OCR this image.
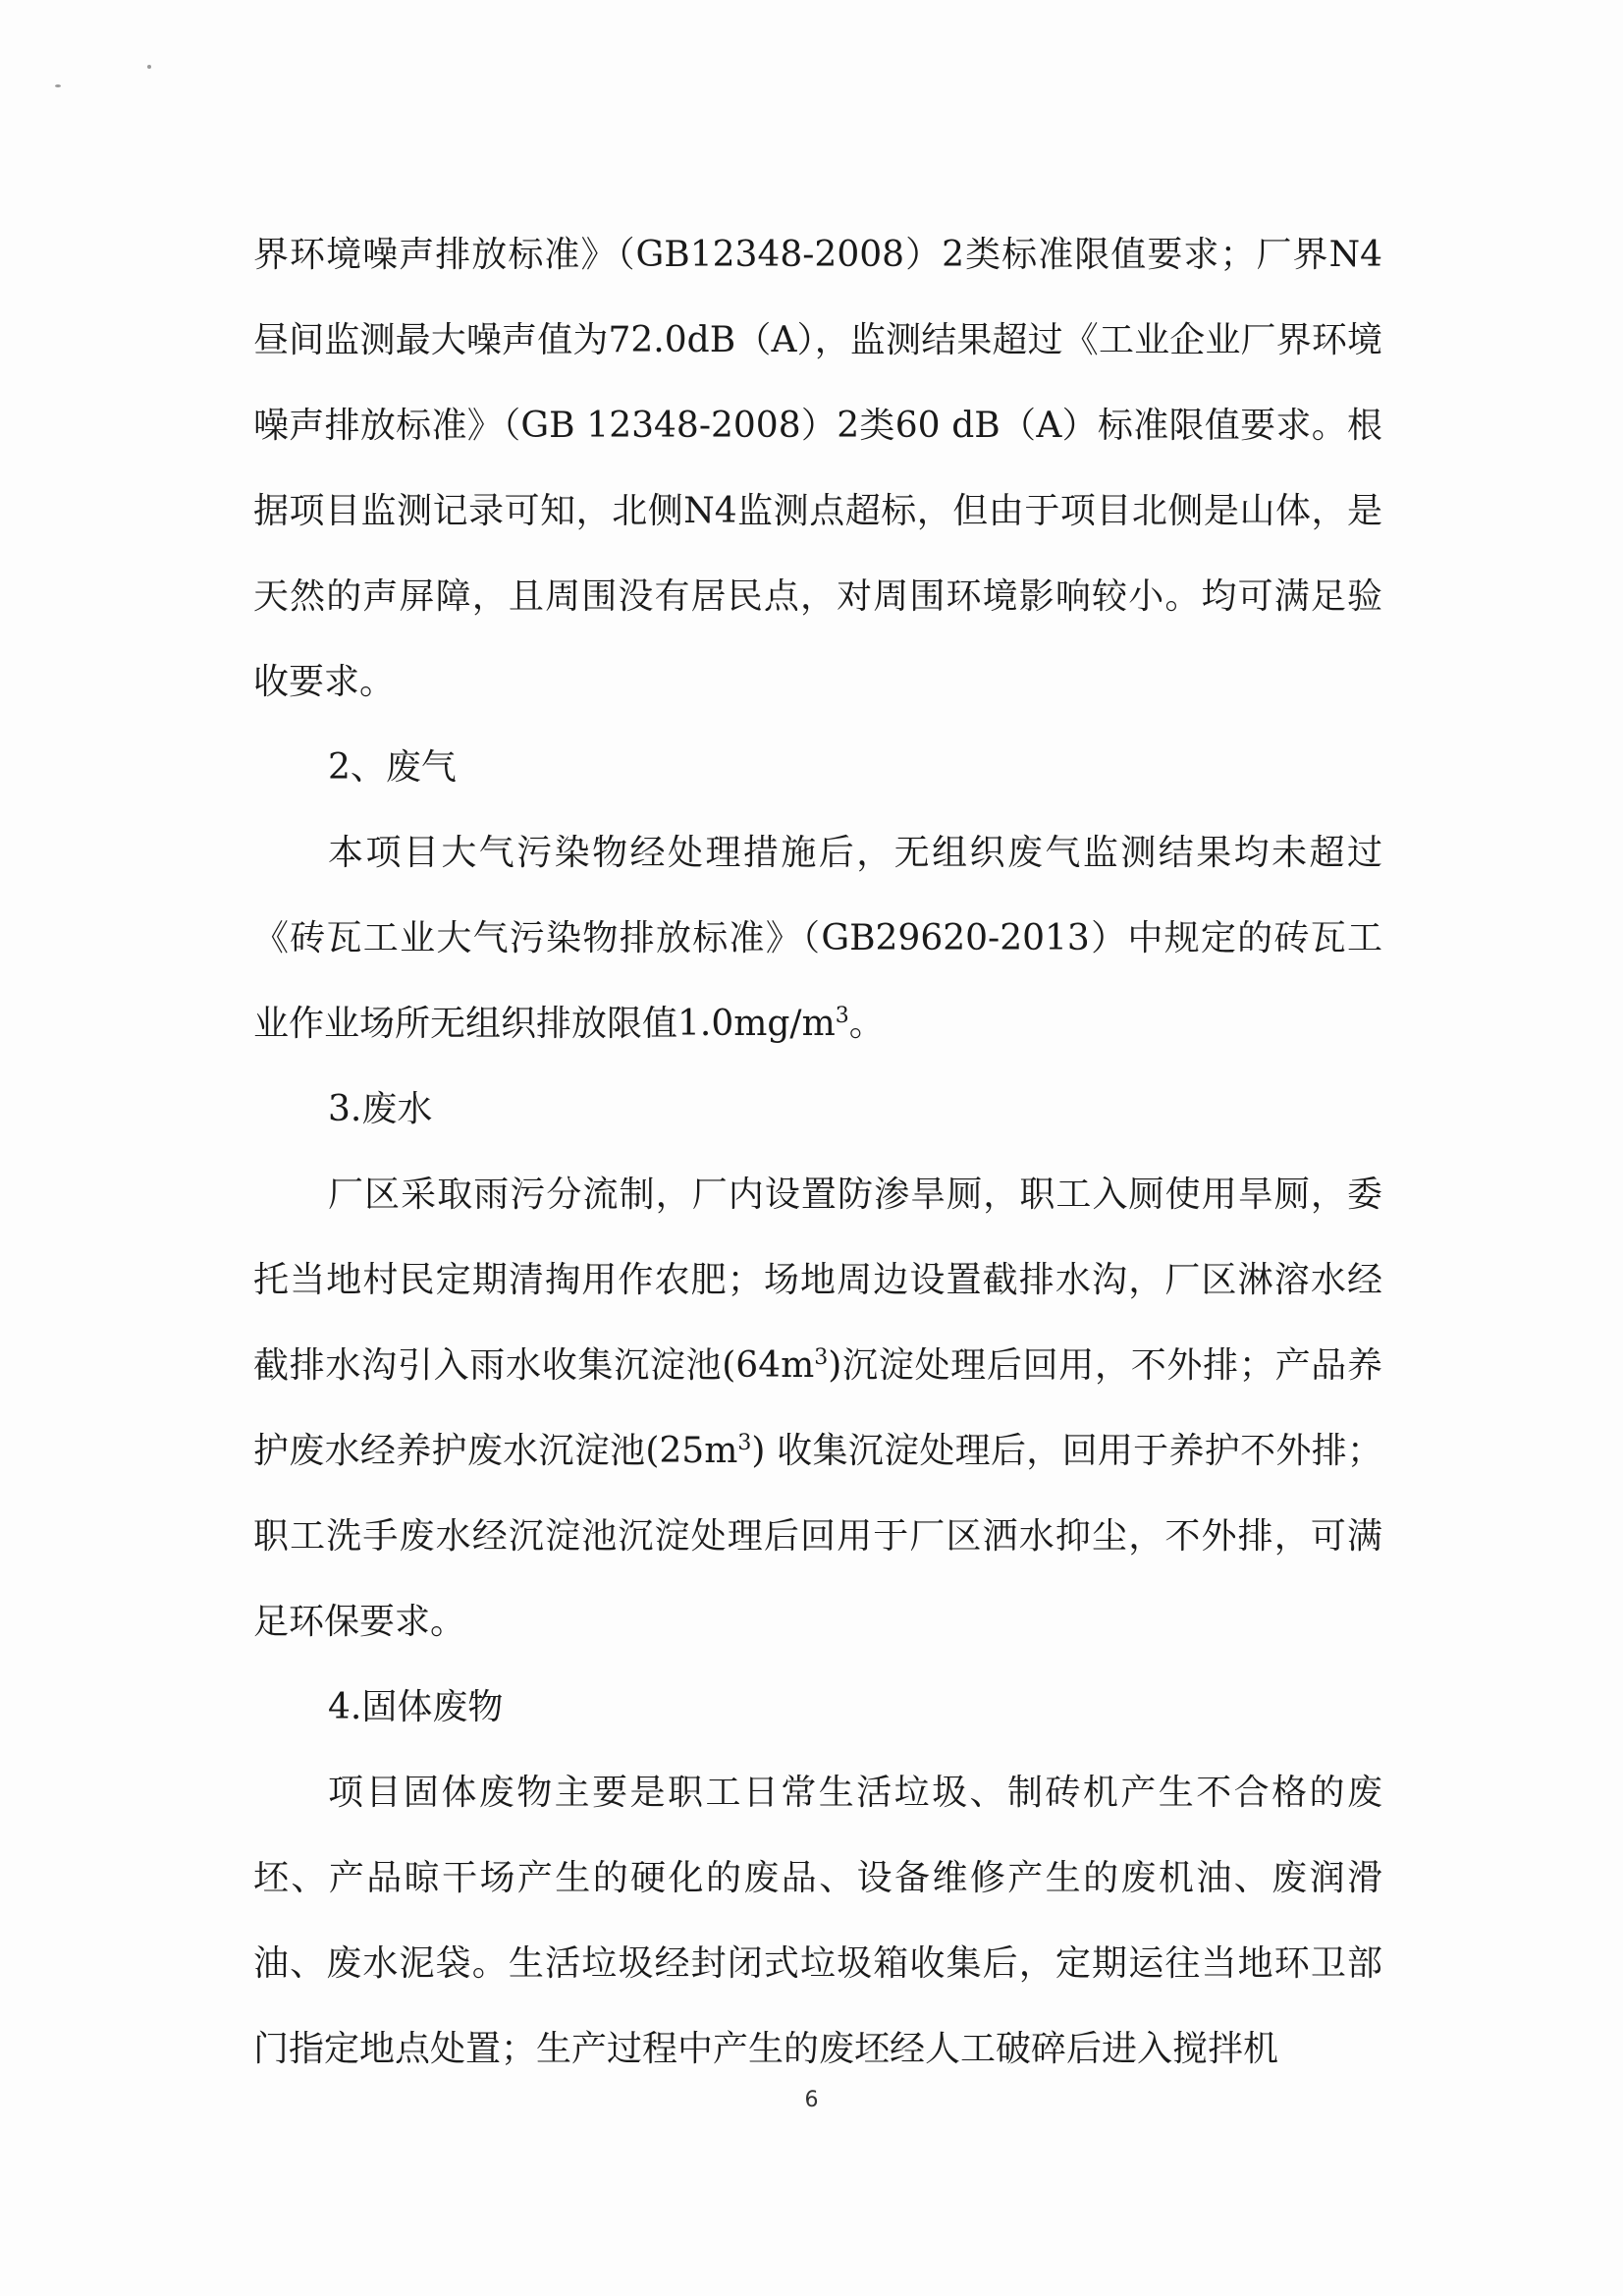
界环境噪声排放标准》（GB12348-2008）2类标准限值要求；厂界N4昼间监测最大噪声值为72.0dB（A），监测结果超过《工业企业厂界环境噪声排放标准》（GB 12348-2008）2类60 dB（A）标准限值要求。根据项目监测记录可知，北侧N4监测点超标，但由于项目北侧是山体，是天然的声屏障，且周围没有居民点，对周围环境影响较小。均可满足验收要求。

2、废气

本项目大气污染物经处理措施后，无组织废气监测结果均未超过《砖瓦工业大气污染物排放标准》（GB29620-2013）中规定的砖瓦工业作业场所无组织排放限值$1.0mg/m^3$。

3.废水

厂区采取雨污分流制，厂内设置防渗旱厕，职工入厕使用旱厕，委托当地村民定期清掏用作农肥；场地周边设置截排水沟，厂区淋溶水经截排水沟引入雨水收集沉淀池$(64m^3)$沉淀处理后回用，不外排；产品养护废水经养护废水沉淀池$(25m^3)$ 收集沉淀处理后，回用于养护不外排；职工洗手废水经沉淀池沉淀处理后回用于厂区洒水抑尘，不外排，可满足环保要求。

4.固体废物

项目固体废物主要是职工日常生活垃圾、制砖机产生不合格的废坯、产品晾干场产生的硬化的废品、设备维修产生的废机油、废润滑油、废水泥袋。生活垃圾经封闭式垃圾箱收集后，定期运往当地环卫部门指定地点处置；生产过程中产生的废坯经人工破碎后进入搅拌机

6
